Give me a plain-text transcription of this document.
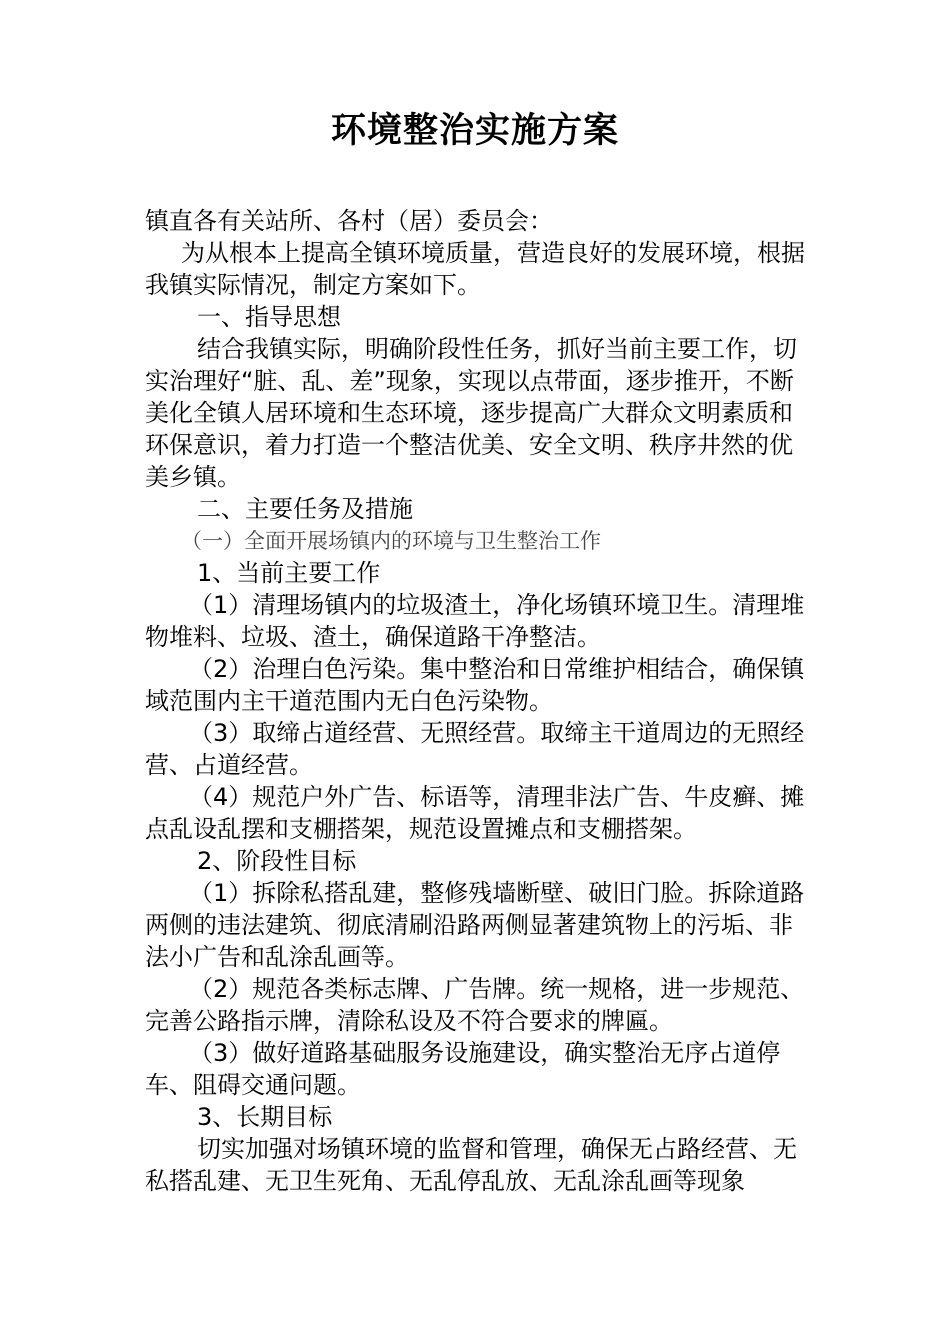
环境整治实施方案

镇直各有关站所、各村（居）委员会：

为从根本上提高全镇环境质量，营造良好的发展环境，根据我镇实际情况，制定方案如下。

一、指导思想

结合我镇实际，明确阶段性任务，抓好当前主要工作，切实治理好“脏、乱、差”现象，实现以点带面，逐步推开，不断美化全镇人居环境和生态环境，逐步提高广大群众文明素质和环保意识，着力打造一个整洁优美、安全文明、秩序井然的优美乡镇。

二、主要任务及措施

（一）全面开展场镇内的环境与卫生整治工作

1、当前主要工作

（1）清理场镇内的垃圾渣土，净化场镇环境卫生。清理堆物堆料、垃圾、渣土，确保道路干净整洁。

（2）治理白色污染。集中整治和日常维护相结合，确保镇域范围内主干道范围内无白色污染物。

（3）取缔占道经营、无照经营。取缔主干道周边的无照经营、占道经营。

（4）规范户外广告、标语等，清理非法广告、牛皮癣、摊点乱设乱摆和支棚搭架，规范设置摊点和支棚搭架。

2、阶段性目标

（1）拆除私搭乱建，整修残墙断壁、破旧门脸。拆除道路两侧的违法建筑、彻底清刷沿路两侧显著建筑物上的污垢、非法小广告和乱涂乱画等。

（2）规范各类标志牌、广告牌。统一规格，进一步规范、完善公路指示牌，清除私设及不符合要求的牌匾。

（3）做好道路基础服务设施建设，确实整治无序占道停车、阻碍交通问题。

3、长期目标

切实加强对场镇环境的监督和管理，确保无占路经营、无私搭乱建、无卫生死角、无乱停乱放、无乱涂乱画等现象
